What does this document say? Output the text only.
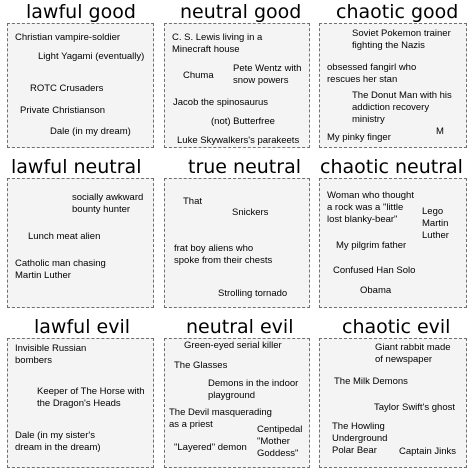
lawful good
Christian vampire-soldier
Light Yagami (eventually)
ROTC Crusaders
Private Christianson
Dale (in my dream)
neutral good
C. S. Lewis living in a
Minecraft house
Chuma
Pete Wentz with
snow powers
Jacob the spinosaurus
(not) Butterfree
Luke Skywalkers's parakeets
chaotic good
Soviet Pokemon trainer
fighting the Nazis
obsessed fangirl who
rescues her stan
The Donut Man with his
addiction recovery
ministry
My pinky finger
M
lawful neutral
socially awkward
bounty hunter
Lunch meat alien
Catholic man chasing
Martin Luther
true neutral
That
Snickers
frat boy aliens who
spoke from their chests
Strolling tornado
chaotic neutral
Woman who thought
a rock was a "little
lost blanky-bear"
Lego
Martin
Luther
My pilgrim father
Confused Han Solo
Obama
lawful evil
Invisible Russian
bombers
Keeper of The Horse with
the Dragon's Heads
Dale (in my sister's
dream in the dream)
neutral evil
Green-eyed serial killer
The Glasses
Demons in the indoor
playground
The Devil masquerading
as a priest
"Layered" demon
Centipedal
"Mother
Goddess"
chaotic evil
Giant rabbit made
of newspaper
The Milk Demons
Taylor Swift's ghost
The Howling
Underground
Polar Bear	Captain Jinks
